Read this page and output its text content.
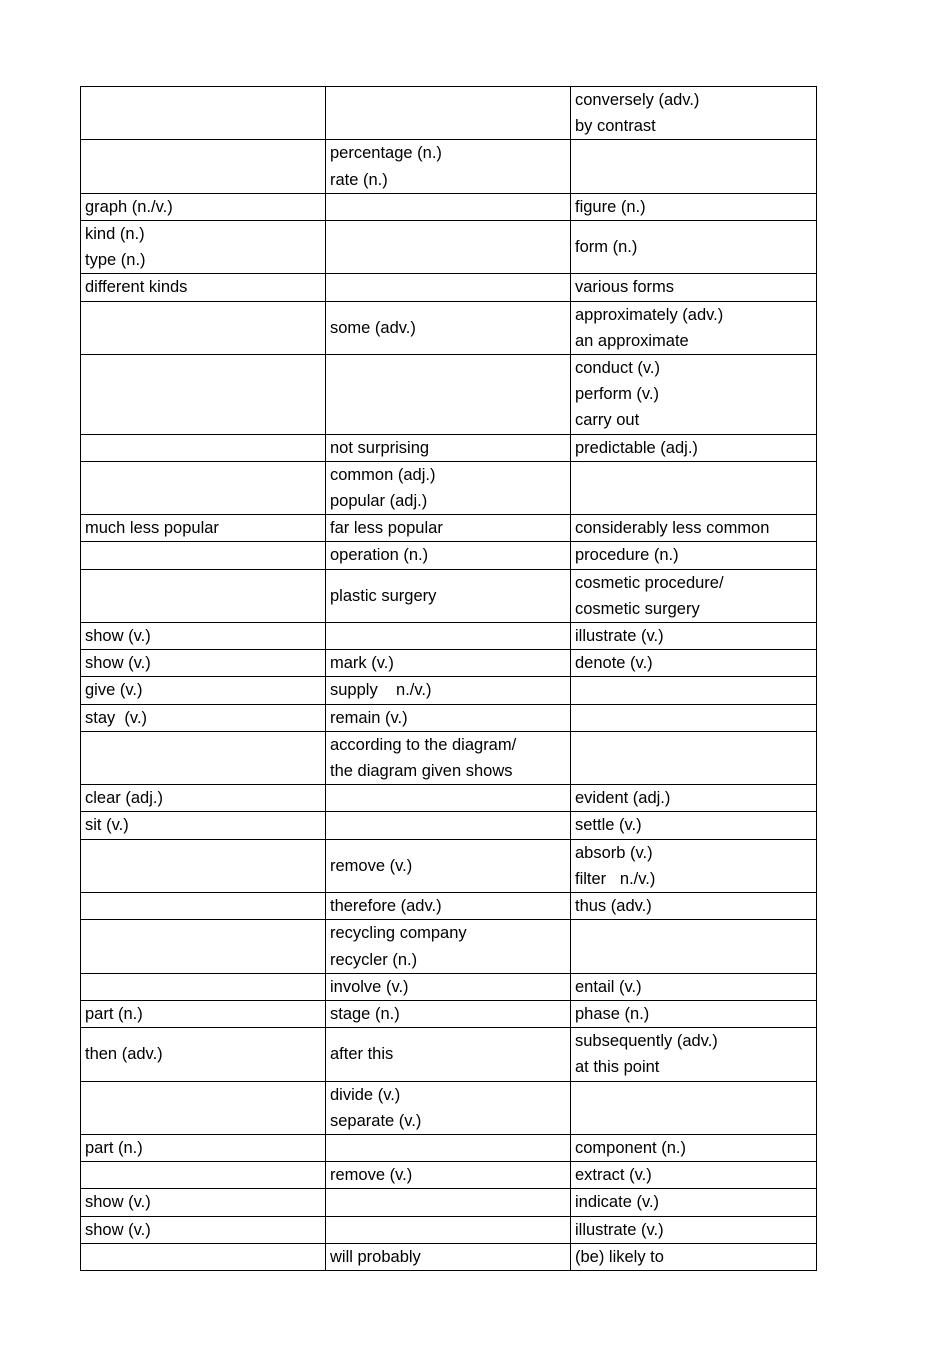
		conversely (adv.)
by contrast

	percentage (n.)
rate (n.)	

graph (n./v.)		figure (n.)

kind (n.)
type (n.)		form (n.)

different kinds		various forms

	some (adv.)	approximately (adv.)
an approximate

		conduct (v.)
perform (v.)
carry out

	not surprising	predictable (adj.)

	common (adj.)
popular (adj.)	

much less popular	far less popular	considerably less common

	operation (n.)	procedure (n.)

	plastic surgery	cosmetic procedure/
cosmetic surgery

show (v.)		illustrate (v.)

show (v.)	mark (v.)	denote (v.)

give (v.)	supply    n./v.)	

stay  (v.)	remain (v.)	

	according to the diagram/
the diagram given shows	

clear (adj.)		evident (adj.)

sit (v.)		settle (v.)

	remove (v.)	absorb (v.)
filter   n./v.)

	therefore (adv.)	thus (adv.)

	recycling company
recycler (n.)	

	involve (v.)	entail (v.)

part (n.)	stage (n.)	phase (n.)

then (adv.)	after this	subsequently (adv.)
at this point

	divide (v.)
separate (v.)	

part (n.)		component (n.)

	remove (v.)	extract (v.)

show (v.)		indicate (v.)

show (v.)		illustrate (v.)

	will probably	(be) likely to
